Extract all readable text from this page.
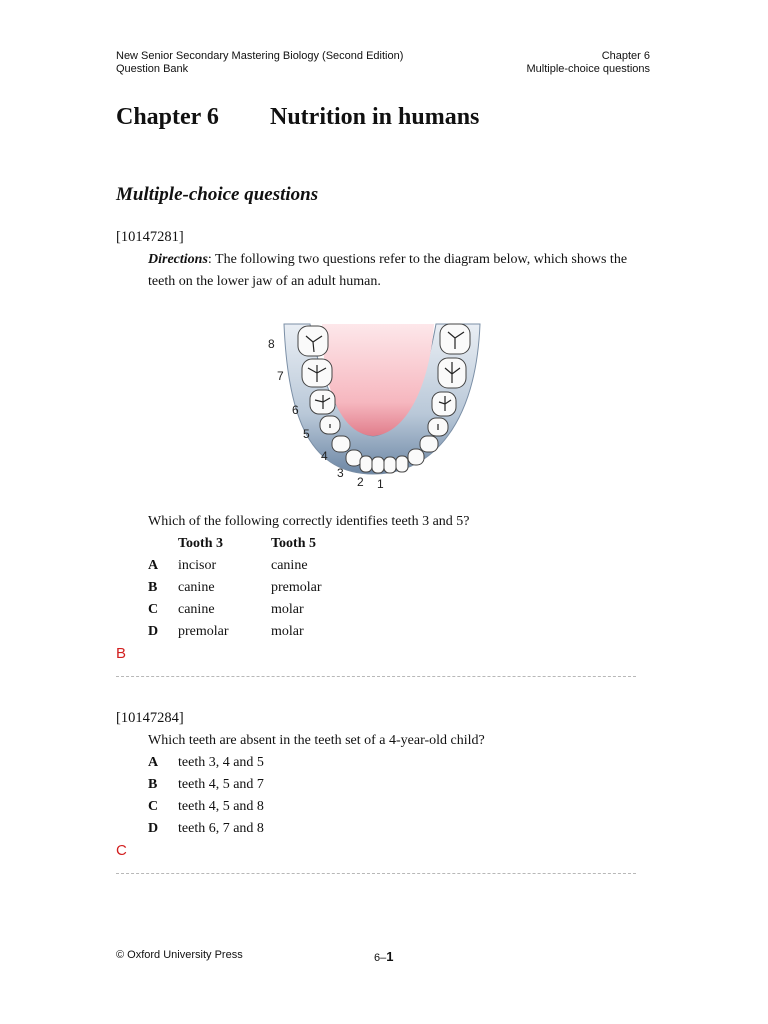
New Senior Secondary Mastering Biology (Second Edition)
Question Bank
Chapter 6
Multiple-choice questions
Chapter 6 Nutrition in humans
Multiple-choice questions
[10147281]
Directions: The following two questions refer to the diagram below, which shows the teeth on the lower jaw of an adult human.
8
7
6
5
4
3
2 1
Which of the following correctly identifies teeth 3 and 5?
Tooth 3	Tooth 5
A	incisor	canine
B	canine	premolar
C	canine	molar
D	premolar	molar
B
[10147284]
Which teeth are absent in the teeth set of a 4-year-old child?
A	teeth 3, 4 and 5
B	teeth 4, 5 and 7
C	teeth 4, 5 and 8
D	teeth 6, 7 and 8
C
© Oxford University Press	6–1
